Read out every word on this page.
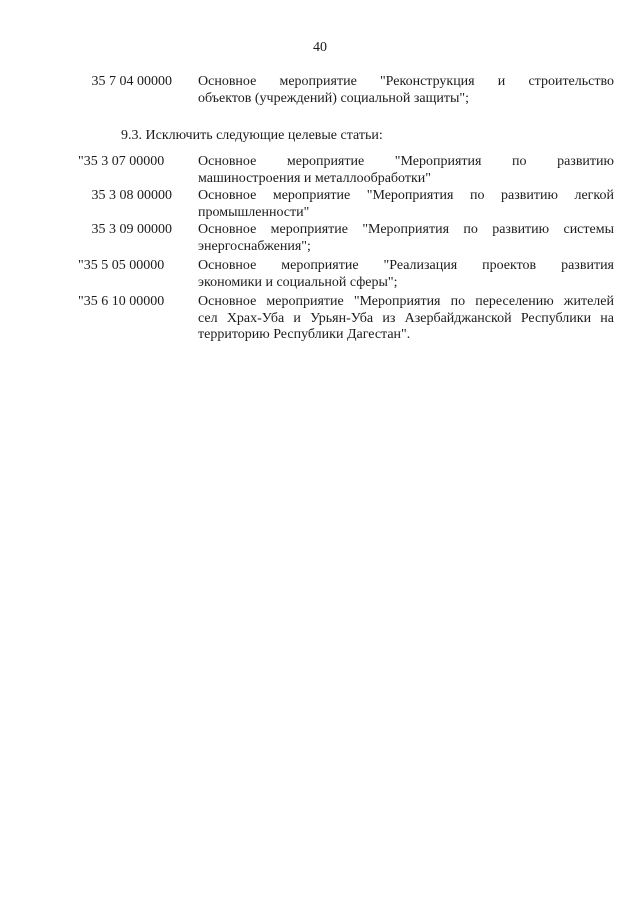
40
35 7 04 00000 Основное мероприятие "Реконструкция и строительство
объектов (учреждений) социальной защиты";
9.3. Исключить следующие целевые статьи:
"35 3 07 00000 Основное мероприятие "Мероприятия по развитию
машиностроения и металлообработки"
35 3 08 00000 Основное мероприятие "Мероприятия по развитию легкой
промышленности"
35 3 09 00000 Основное мероприятие "Мероприятия по развитию системы
энергоснабжения";
"35 5 05 00000 Основное мероприятие "Реализация проектов развития
экономики и социальной сферы";
"35 6 10 00000 Основное мероприятие "Мероприятия по переселению жителей
сел Храх-Уба и Урьян-Уба из Азербайджанской Республики на
территорию Республики Дагестан".
